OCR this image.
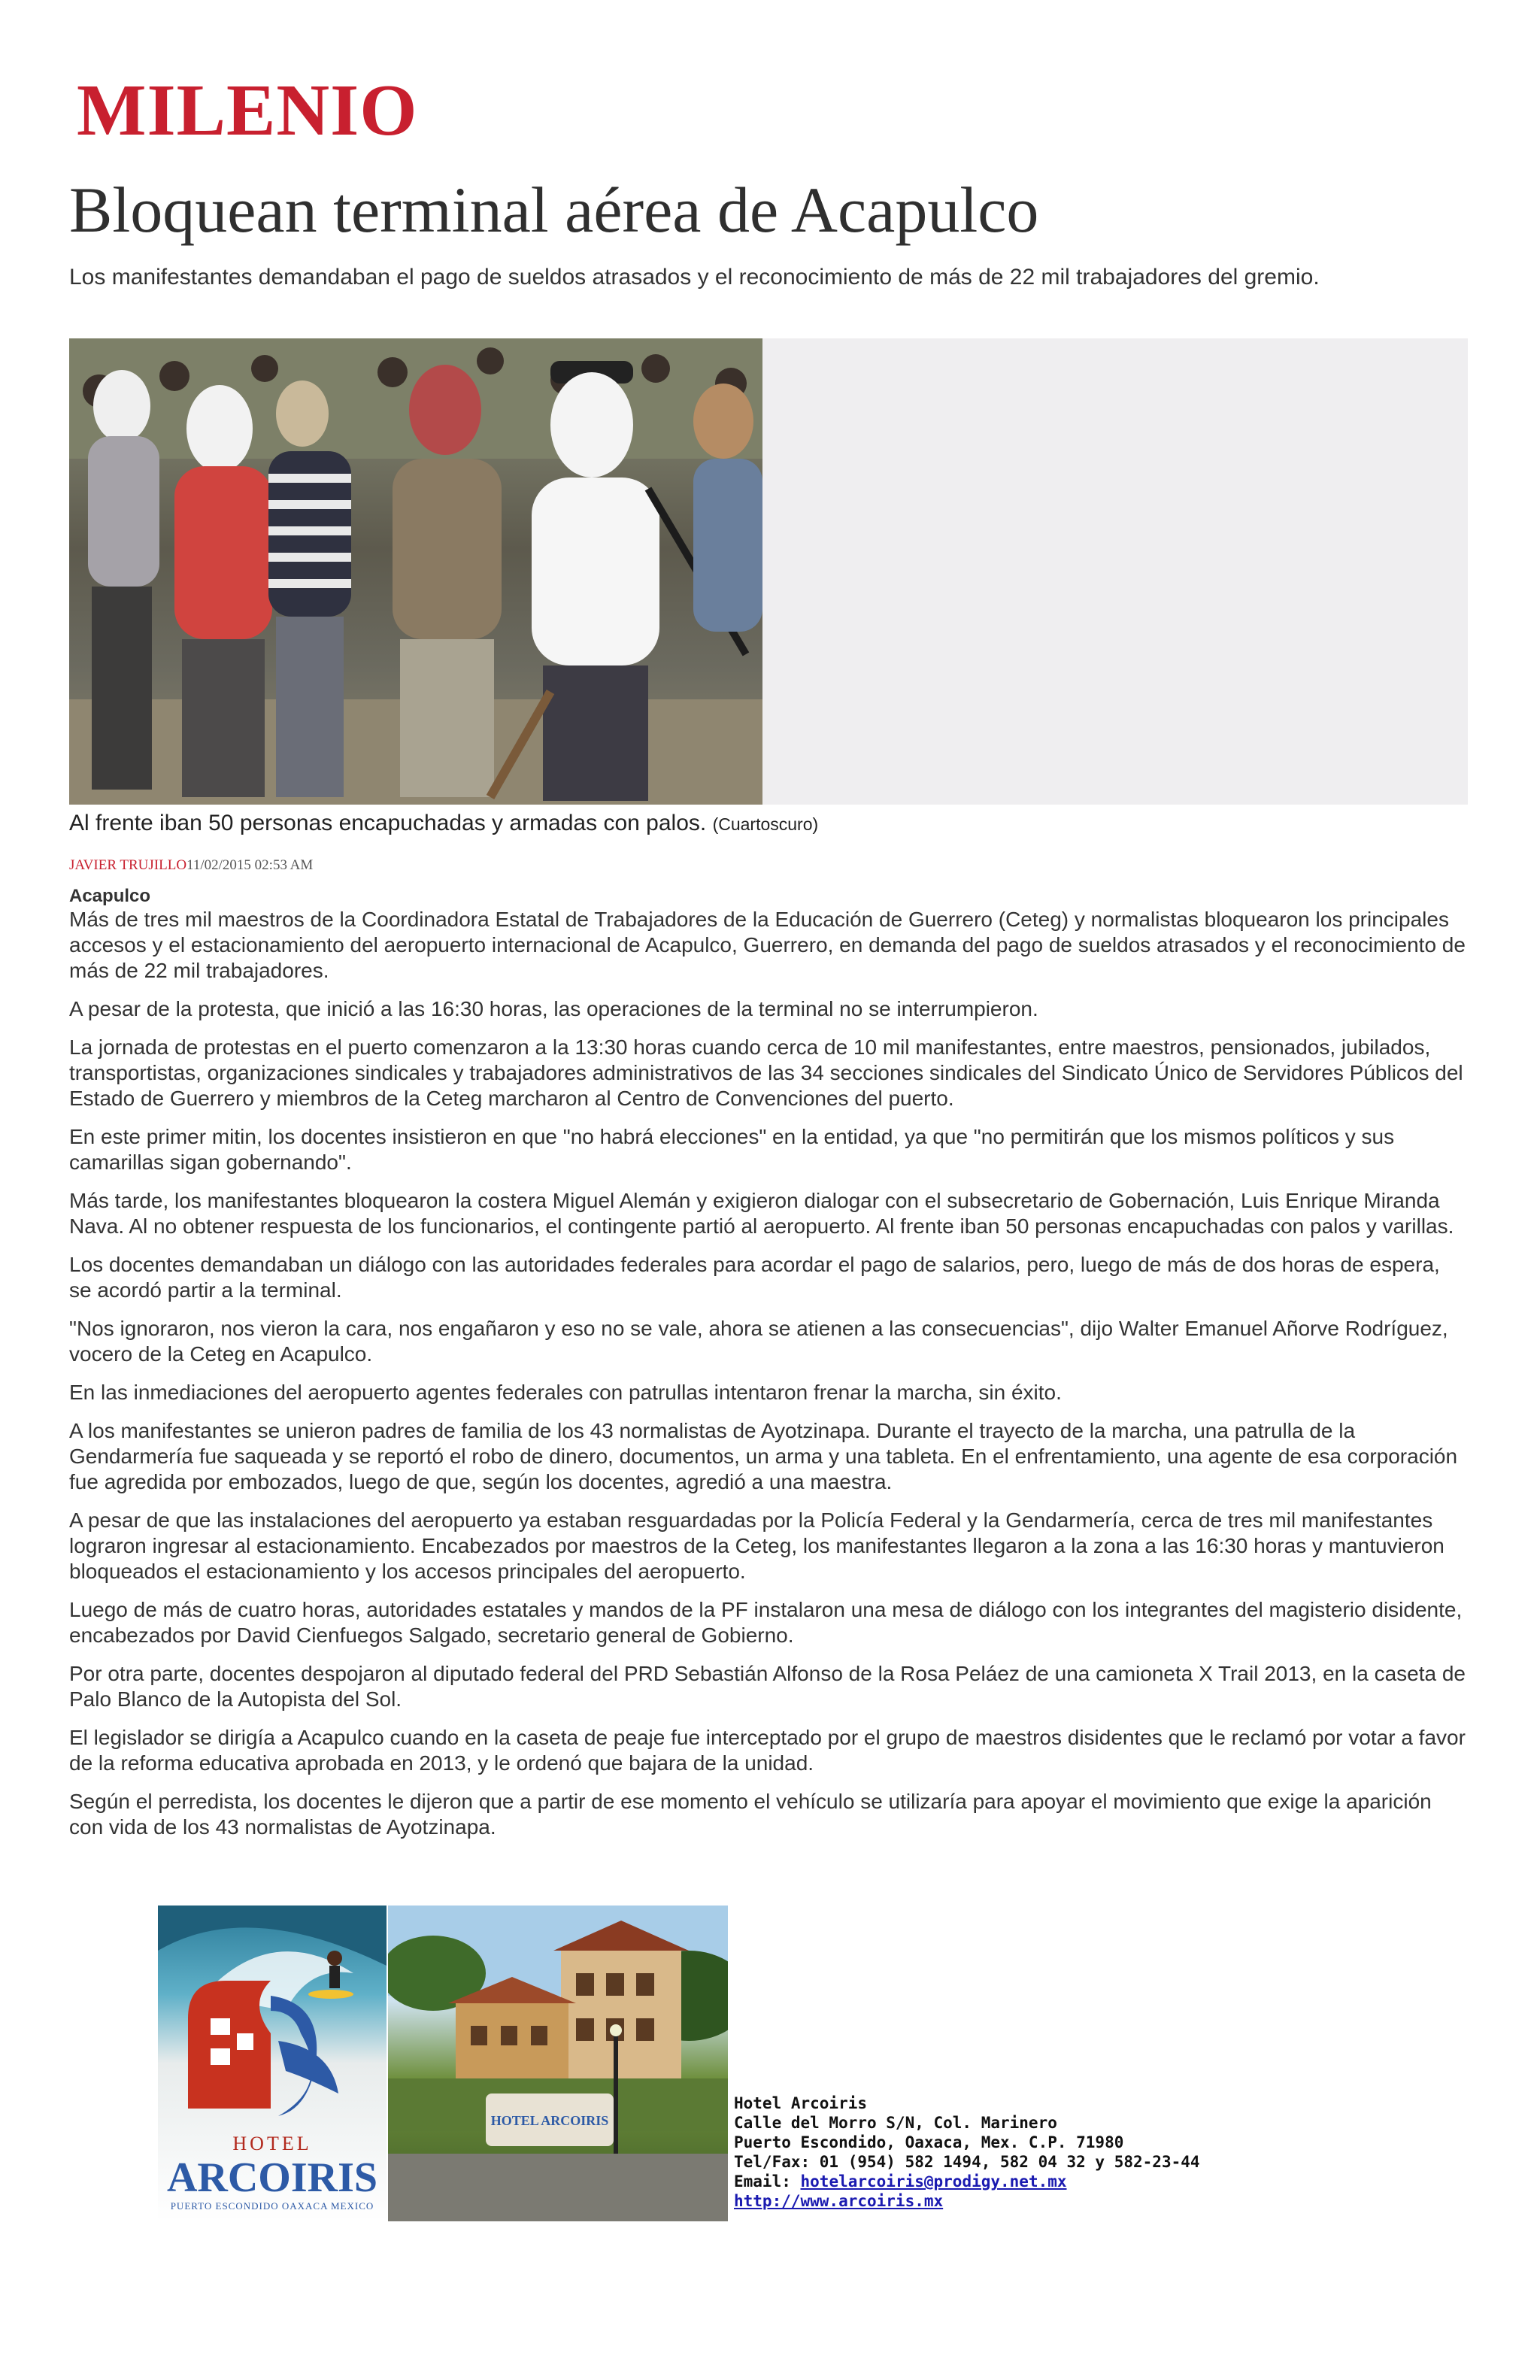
MILENIO
Bloquean terminal aérea de Acapulco
Los manifestantes demandaban el pago de sueldos atrasados y el reconocimiento de más de 22 mil trabajadores del gremio.
Al frente iban 50 personas encapuchadas y armadas con palos. (Cuartoscuro)
JAVIER TRUJILLO11/02/2015 02:53 AM
Acapulco

Más de tres mil maestros de la Coordinadora Estatal de Trabajadores de la Educación de Guerrero (Ceteg) y normalistas bloquearon los principales accesos y el estacionamiento del aeropuerto internacional de Acapulco, Guerrero, en demanda del pago de sueldos atrasados y el reconocimiento de más de 22 mil trabajadores.

A pesar de la protesta, que inició a las 16:30 horas, las operaciones de la terminal no se interrumpieron.

La jornada de protestas en el puerto comenzaron a la 13:30 horas cuando cerca de 10 mil manifestantes, entre maestros, pensionados, jubilados, transportistas, organizaciones sindicales y trabajadores administrativos de las 34 secciones sindicales del Sindicato Único de Servidores Públicos del Estado de Guerrero y miembros de la Ceteg marcharon al Centro de Convenciones del puerto.

En este primer mitin, los docentes insistieron en que "no habrá elecciones" en la entidad, ya que "no permitirán que los mismos políticos y sus camarillas sigan gobernando".

Más tarde, los manifestantes bloquearon la costera Miguel Alemán y exigieron dialogar con el subsecretario de Gobernación, Luis Enrique Miranda Nava. Al no obtener respuesta de los funcionarios, el contingente partió al aeropuerto. Al frente iban 50 personas encapuchadas con palos y varillas.

Los docentes demandaban un diálogo con las autoridades federales para acordar el pago de salarios, pero, luego de más de dos horas de espera, se acordó partir a la terminal.

"Nos ignoraron, nos vieron la cara, nos engañaron y eso no se vale, ahora se atienen a las consecuencias", dijo Walter Emanuel Añorve Rodríguez, vocero de la Ceteg en Acapulco.

En las inmediaciones del aeropuerto agentes federales con patrullas intentaron frenar la marcha, sin éxito.

A los manifestantes se unieron padres de familia de los 43 normalistas de Ayotzinapa. Durante el trayecto de la marcha, una patrulla de la Gendarmería fue saqueada y se reportó el robo de dinero, documentos, un arma y una tableta. En el enfrentamiento, una agente de esa corporación fue agredida por embozados, luego de que, según los docentes, agredió a una maestra.

A pesar de que las instalaciones del aeropuerto ya estaban resguardadas por la Policía Federal y la Gendarmería, cerca de tres mil manifestantes lograron ingresar al estacionamiento. Encabezados por maestros de la Ceteg, los manifestantes llegaron a la zona a las 16:30 horas y mantuvieron bloqueados el estacionamiento y los accesos principales del aeropuerto.

Luego de más de cuatro horas, autoridades estatales y mandos de la PF instalaron una mesa de diálogo con los integrantes del magisterio disidente, encabezados por David Cienfuegos Salgado, secretario general de Gobierno.

Por otra parte, docentes despojaron al diputado federal del PRD Sebastián Alfonso de la Rosa Peláez de una camioneta X Trail 2013, en la caseta de Palo Blanco de la Autopista del Sol.

El legislador se dirigía a Acapulco cuando en la caseta de peaje fue interceptado por el grupo de maestros disidentes que le reclamó por votar a favor de la reforma educativa aprobada en 2013, y le ordenó que bajara de la unidad.

Según el perredista, los docentes le dijeron que a partir de ese momento el vehículo se utilizaría para apoyar el movimiento que exige la aparición con vida de los 43 normalistas de Ayotzinapa.

HOTEL
ARCOIRIS
PUERTO ESCONDIDO OAXACA MEXICO
HOTEL ARCOIRIS
Hotel Arcoiris
Calle del Morro S/N, Col. Marinero
Puerto Escondido, Oaxaca, Mex. C.P. 71980
Tel/Fax: 01 (954) 582 1494, 582 04 32 y 582-23-44
Email: hotelarcoiris@prodigy.net.mx
http://www.arcoiris.mx
